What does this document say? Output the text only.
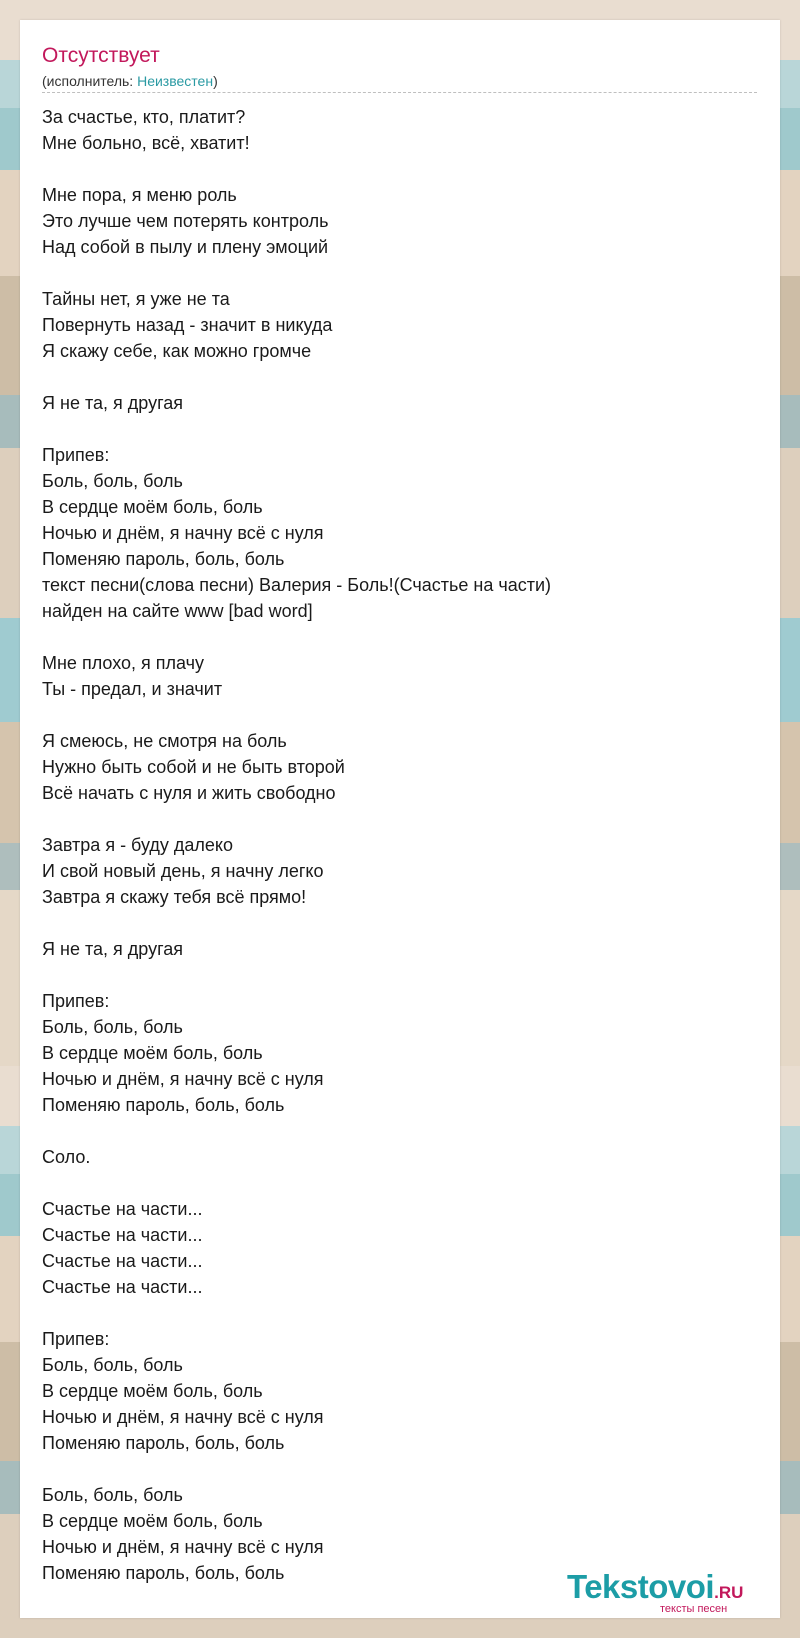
Отсутствует
(исполнитель: Неизвестен)
За счастье, кто, платит?
Мне больно, всё, хватит!
Мне пора, я меню роль
Это лучше чем потерять контроль
Над собой в пылу и плену эмоций
Тайны нет, я уже не та
Повернуть назад - значит в никуда
Я скажу себе, как можно громче
Я не та, я другая
Припев:
Боль, боль, боль
В сердце моём боль, боль
Ночью и днём, я начну всё с нуля
Поменяю пароль, боль, боль
текст песни(слова песни) Валерия - Боль!(Счастье на части)
найден на сайте www [bad word]
Мне плохо, я плачу
Ты - предал, и значит
Я смеюсь, не смотря на боль
Нужно быть собой и не быть второй
Всё начать с нуля и жить свободно
Завтра я - буду далеко
И свой новый день, я начну легко
Завтра я скажу тебя всё прямо!
Я не та, я другая
Припев:
Боль, боль, боль
В сердце моём боль, боль
Ночью и днём, я начну всё с нуля
Поменяю пароль, боль, боль
Соло.
Счастье на части...
Счастье на части...
Счастье на части...
Счастье на части...
Припев:
Боль, боль, боль
В сердце моём боль, боль
Ночью и днём, я начну всё с нуля
Поменяю пароль, боль, боль
Боль, боль, боль
В сердце моём боль, боль
Ночью и днём, я начну всё с нуля
Поменяю пароль, боль, боль	Tekstovoi.RU
тексты песен
